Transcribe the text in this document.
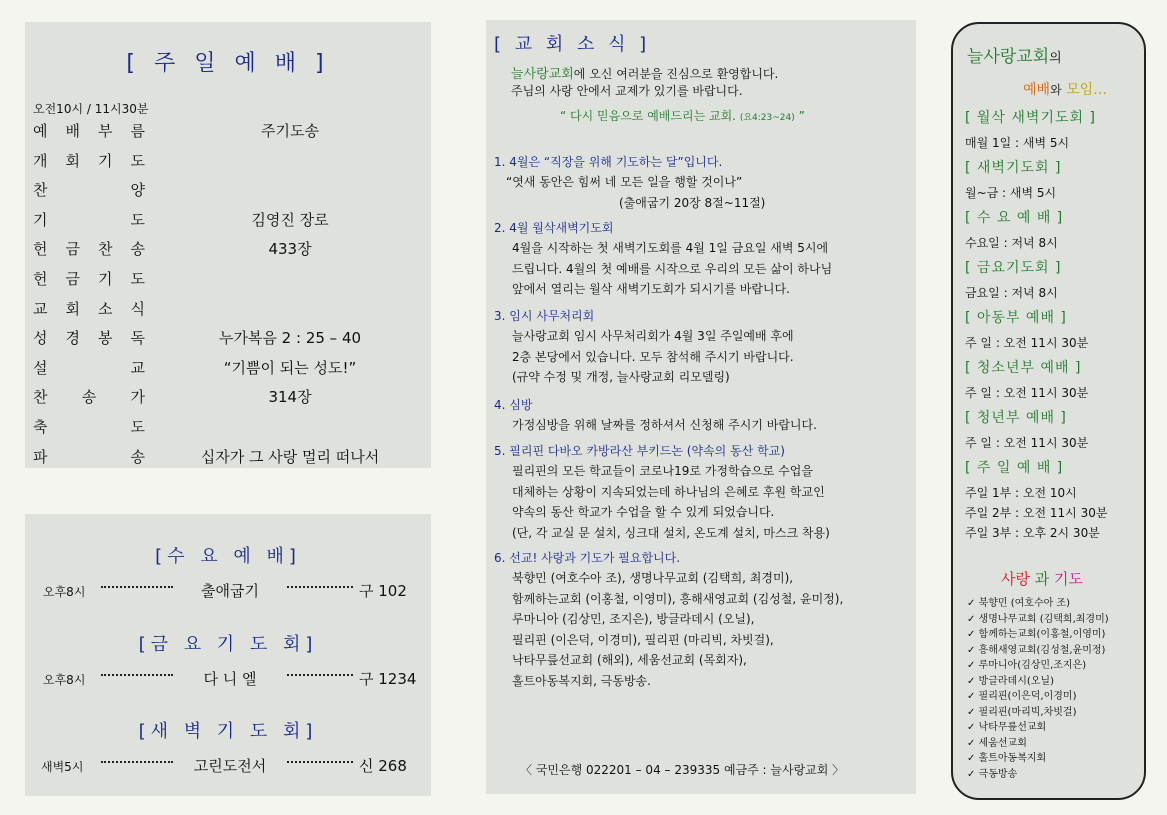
[ 주 일 예 배 ]
오전10시 / 11시30분
예 배 부 름	주기도송
개 회 기 도
찬	양
기	도	김영진 장로
헌 금 찬 송	433장
헌 금 기 도
교 회 소 식
성 경 봉 독	누가복음 2 : 25 – 40
설	교	“기쁨이 되는 성도!”
찬 송 가	314장
축	도
파	송	십자가 그 사랑 멀리 떠나서
[수 요 예 배]
오후8시	출애굽기	구 102
[금 요 기 도 회]
오후8시	다 니 엘	구 1234
[새 벽 기 도 회]
새벽5시	고린도전서	신 268
[ 교 회 소 식 ]
늘사랑교회에 오신 여러분을 진심으로 환영합니다.
주님의 사랑 안에서 교제가 있기를 바랍니다.
“ 다시 믿음으로 예배드리는 교회. (요4:23~24) ”
1. 4월은 “직장을 위해 기도하는 달”입니다.
“엿새 동안은 힘써 네 모든 일을 행할 것이나”
(출애굽기 20장 8절~11절)
2. 4월 월삭새벽기도회
4월을 시작하는 첫 새벽기도회를 4월 1일 금요일 새벽 5시에
드립니다. 4월의 첫 예배를 시작으로 우리의 모든 삶이 하나님
앞에서 열리는 월삭 새벽기도회가 되시기를 바랍니다.
3. 임시 사무처리회
늘사랑교회 임시 사무처리회가 4월 3일 주일예배 후에
2층 본당에서 있습니다. 모두 참석해 주시기 바랍니다.
(규약 수정 및 개정, 늘사랑교회 리모델링)
4. 심방
가정심방을 위해 날짜를 정하셔서 신청해 주시기 바랍니다.
5. 필리핀 다바오 카방라산 부키드논 (약속의 동산 학교)
필리핀의 모든 학교들이 코로나19로 가정학습으로 수업을
대체하는 상황이 지속되었는데 하나님의 은혜로 후원 학교인
약속의 동산 학교가 수업을 할 수 있게 되었습니다.
(단, 각 교실 문 설치, 싱크대 설치, 온도계 설치, 마스크 착용)
6. 선교! 사랑과 기도가 필요합니다.
북향민 (여호수아 조), 생명나무교회 (김택희, 최경미),
함께하는교회 (이홍철, 이영미), 흥해새영교회 (김성철, 윤미정),
루마니아 (김상민, 조지은), 방글라데시 (오닐),
필리핀 (이은덕, 이경미), 필리핀 (마리빅, 차빗걸),
낙타무릎선교회 (해외), 세움선교회 (목회자),
홀트아동복지회, 극동방송.
〈 국민은행 022201 – 04 – 239335 예금주 : 늘사랑교회 〉
늘사랑교회의
예배와 모임…
[ 월삭 새벽기도회 ]
매월 1일 : 새벽 5시
[ 새벽기도회 ]
월~금 : 새벽 5시
[ 수 요 예 배 ]
수요일 : 저녁 8시
[ 금요기도회 ]
금요일 : 저녁 8시
[ 아동부 예배 ]
주 일 : 오전 11시 30분
[ 청소년부 예배 ]
주 일 : 오전 11시 30분
[ 청년부 예배 ]
주 일 : 오전 11시 30분
[ 주 일 예 배 ]
주일 1부 : 오전 10시
주일 2부 : 오전 11시 30분
주일 3부 : 오후 2시 30분
사랑 과 기도
✓ 북향민 (여호수아 조)
✓ 생명나무교회 (김택희,최경미)
✓ 함께하는교회(이홍철,이영미)
✓ 흥해새영교회(김성철,윤미정)
✓ 루마니아(김상민,조지은)
✓ 방글라데시(오닐)
✓ 필리핀(이은덕,이경미)
✓ 필리핀(마리빅,차빗걸)
✓ 낙타무릎선교회
✓ 세움선교회
✓ 홀트아동복지회
✓ 극동방송
